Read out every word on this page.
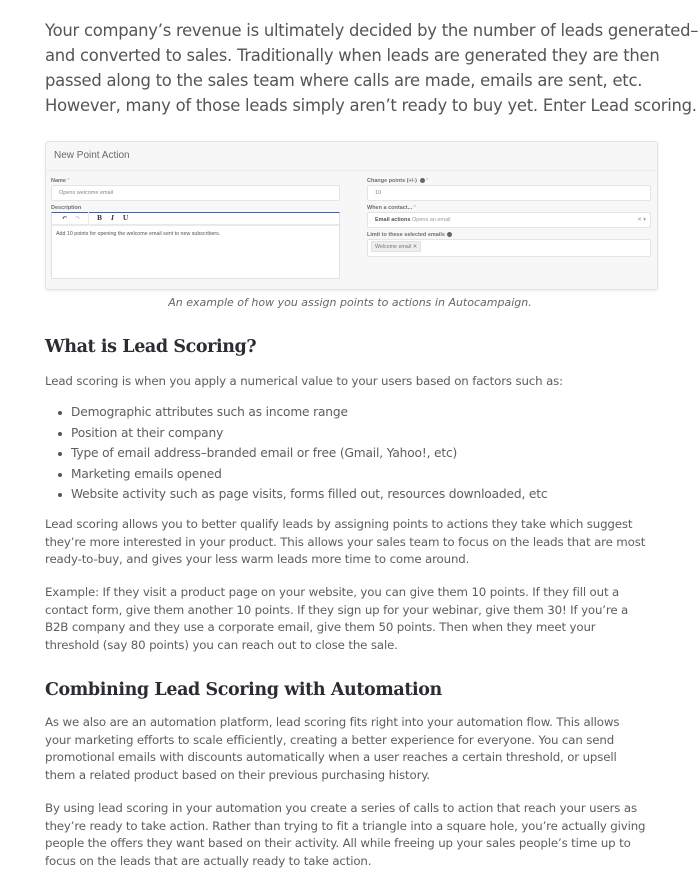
Your company’s revenue is ultimately decided by the number of leads generated–
and converted to sales. Traditionally when leads are generated they are then
passed along to the sales team where calls are made, emails are sent, etc.
However, many of those leads simply aren’t ready to buy yet. Enter Lead scoring.
New Point Action
Name *
Opens welcome email
Description
↶	↷	B	I	U
Add 10 points for opening the welcome email sent to new subscribers.
Change points (+/-) *
10
When a contact... *
Email actions Opens an email	✕ ▾
Limit to these selected emails
Welcome email ✕
An example of how you assign points to actions in Autocampaign.
What is Lead Scoring?
Lead scoring is when you apply a numerical value to your users based on factors such as:
Demographic attributes such as income range
Position at their company
Type of email address–branded email or free (Gmail, Yahoo!, etc)
Marketing emails opened
Website activity such as page visits, forms filled out, resources downloaded, etc
Lead scoring allows you to better qualify leads by assigning points to actions they take which suggest
they’re more interested in your product. This allows your sales team to focus on the leads that are most
ready-to-buy, and gives your less warm leads more time to come around.
Example: If they visit a product page on your website, you can give them 10 points. If they fill out a
contact form, give them another 10 points. If they sign up for your webinar, give them 30! If you’re a
B2B company and they use a corporate email, give them 50 points. Then when they meet your
threshold (say 80 points) you can reach out to close the sale.
Combining Lead Scoring with Automation
As we also are an automation platform, lead scoring fits right into your automation flow. This allows
your marketing efforts to scale efficiently, creating a better experience for everyone. You can send
promotional emails with discounts automatically when a user reaches a certain threshold, or upsell
them a related product based on their previous purchasing history.
By using lead scoring in your automation you create a series of calls to action that reach your users as
they’re ready to take action. Rather than trying to fit a triangle into a square hole, you’re actually giving
people the offers they want based on their activity. All while freeing up your sales people’s time up to
focus on the leads that are actually ready to take action.
